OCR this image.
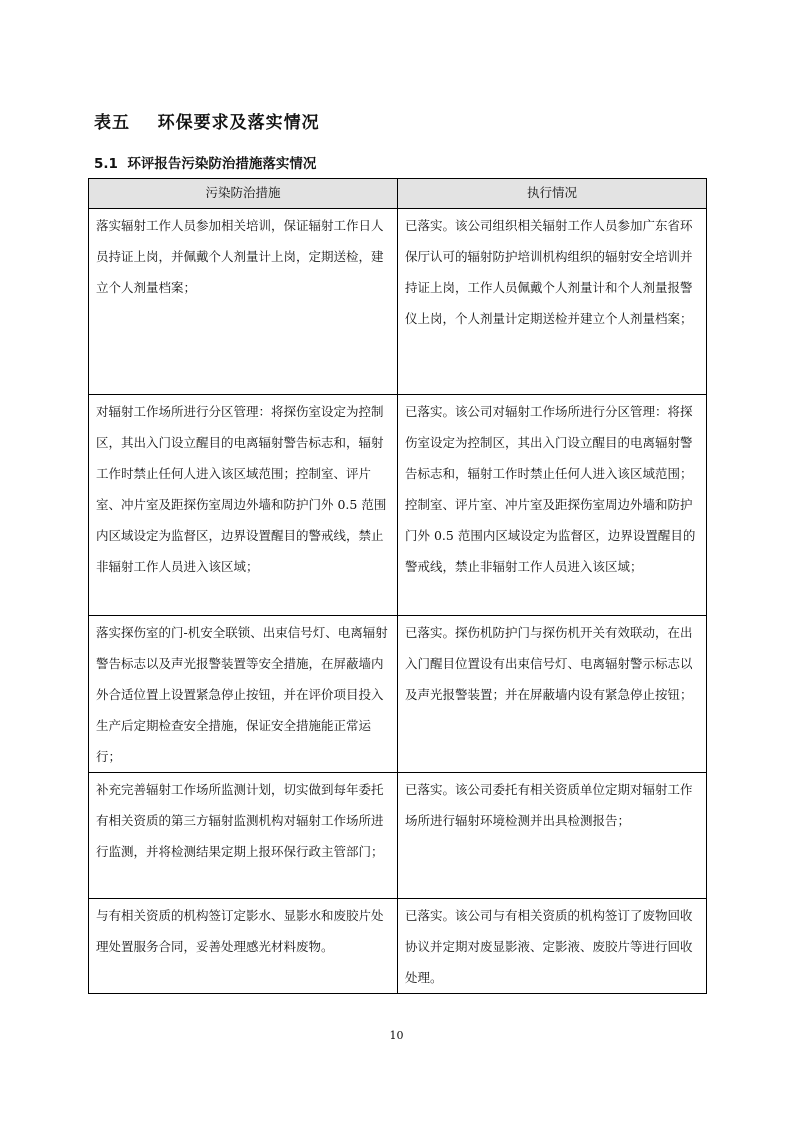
表五    环保要求及落实情况
5.1  环评报告污染防治措施落实情况
污染防治措施	执行情况
落实辐射工作人员参加相关培训，保证辐射工作日人员持证上岗，并佩戴个人剂量计上岗，定期送检，建立个人剂量档案；	已落实。该公司组织相关辐射工作人员参加广东省环保厅认可的辐射防护培训机构组织的辐射安全培训并持证上岗，工作人员佩戴个人剂量计和个人剂量报警仪上岗，个人剂量计定期送检并建立个人剂量档案；
对辐射工作场所进行分区管理：将探伤室设定为控制区，其出入门设立醒目的电离辐射警告标志和，辐射工作时禁止任何人进入该区域范围；控制室、评片室、冲片室及距探伤室周边外墙和防护门外 0.5 范围内区域设定为监督区，边界设置醒目的警戒线，禁止非辐射工作人员进入该区域；	已落实。该公司对辐射工作场所进行分区管理：将探伤室设定为控制区，其出入门设立醒目的电离辐射警告标志和，辐射工作时禁止任何人进入该区域范围；控制室、评片室、冲片室及距探伤室周边外墙和防护门外 0.5 范围内区域设定为监督区，边界设置醒目的警戒线，禁止非辐射工作人员进入该区域；
落实探伤室的门-机安全联锁、出束信号灯、电离辐射警告标志以及声光报警装置等安全措施，在屏蔽墙内外合适位置上设置紧急停止按钮，并在评价项目投入生产后定期检查安全措施，保证安全措施能正常运行；	已落实。探伤机防护门与探伤机开关有效联动，在出入门醒目位置设有出束信号灯、电离辐射警示标志以及声光报警装置；并在屏蔽墙内设有紧急停止按钮；
补充完善辐射工作场所监测计划，切实做到每年委托有相关资质的第三方辐射监测机构对辐射工作场所进行监测，并将检测结果定期上报环保行政主管部门；	已落实。该公司委托有相关资质单位定期对辐射工作场所进行辐射环境检测并出具检测报告；
与有相关资质的机构签订定影水、显影水和废胶片处理处置服务合同，妥善处理感光材料废物。	已落实。该公司与有相关资质的机构签订了废物回收协议并定期对废显影液、定影液、废胶片等进行回收处理。
10
